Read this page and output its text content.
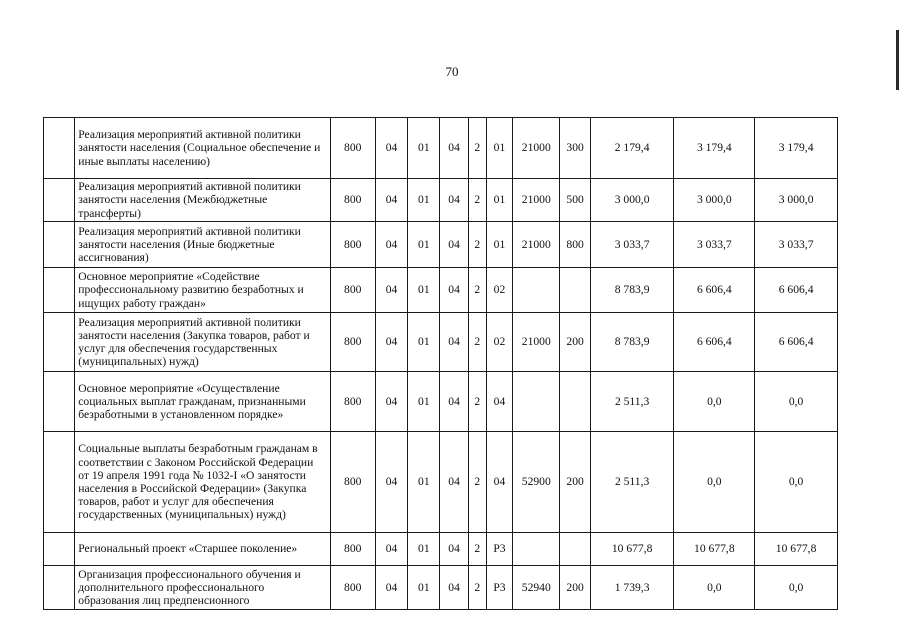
70
	Реализация мероприятий активной политики занятости населения (Социальное обеспечение и иные выплаты населению)	800	04	01	04	2	01	21000	300	2 179,4	3 179,4	3 179,4
	Реализация мероприятий активной политики занятости населения (Межбюджетные трансферты)	800	04	01	04	2	01	21000	500	3 000,0	3 000,0	3 000,0
	Реализация мероприятий активной политики занятости населения (Иные бюджетные ассигнования)	800	04	01	04	2	01	21000	800	3 033,7	3 033,7	3 033,7
	Основное мероприятие «Содействие профессиональному развитию безработных и ищущих работу граждан»	800	04	01	04	2	02			8 783,9	6 606,4	6 606,4
	Реализация мероприятий активной политики занятости населения (Закупка товаров, работ и услуг для обеспечения государственных (муниципальных) нужд)	800	04	01	04	2	02	21000	200	8 783,9	6 606,4	6 606,4
	Основное мероприятие «Осуществление социальных выплат гражданам, признанными безработными в установленном порядке»	800	04	01	04	2	04			2 511,3	0,0	0,0
	Социальные выплаты безработным гражданам в соответствии с Законом Российской Федерации от 19 апреля 1991 года № 1032-I «О занятости населения в Российской Федерации» (Закупка товаров, работ и услуг для обеспечения государственных (муниципальных) нужд)	800	04	01	04	2	04	52900	200	2 511,3	0,0	0,0
	Региональный проект «Старшее поколение»	800	04	01	04	2	P3			10 677,8	10 677,8	10 677,8
	Организация профессионального обучения и дополнительного профессионального образования лиц предпенсионного	800	04	01	04	2	P3	52940	200	1 739,3	0,0	0,0
